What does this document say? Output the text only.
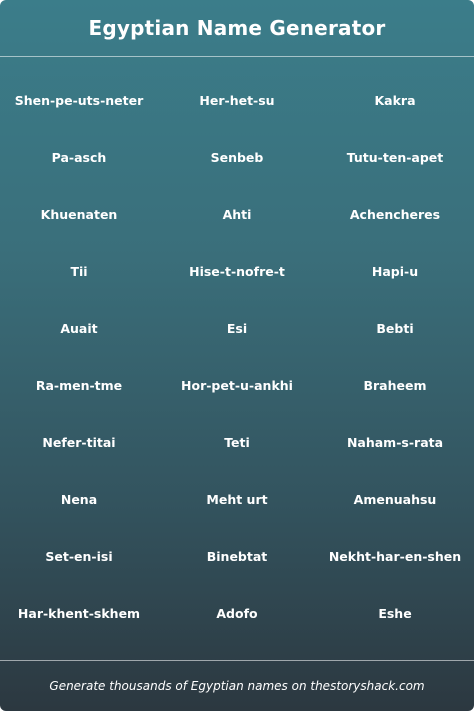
Egyptian Name Generator
Shen-pe-uts-neter	Her-het-su	Kakra
Pa-asch	Senbeb	Tutu-ten-apet
Khuenaten	Ahti	Achencheres
Tii	Hise-t-nofre-t	Hapi-u
Auait	Esi	Bebti
Ra-men-tme	Hor-pet-u-ankhi	Braheem
Nefer-titai	Teti	Naham-s-rata
Nena	Meht urt	Amenuahsu
Set-en-isi	Binebtat	Nekht-har-en-shen
Har-khent-skhem	Adofo	Eshe
Generate thousands of Egyptian names on thestoryshack.com
